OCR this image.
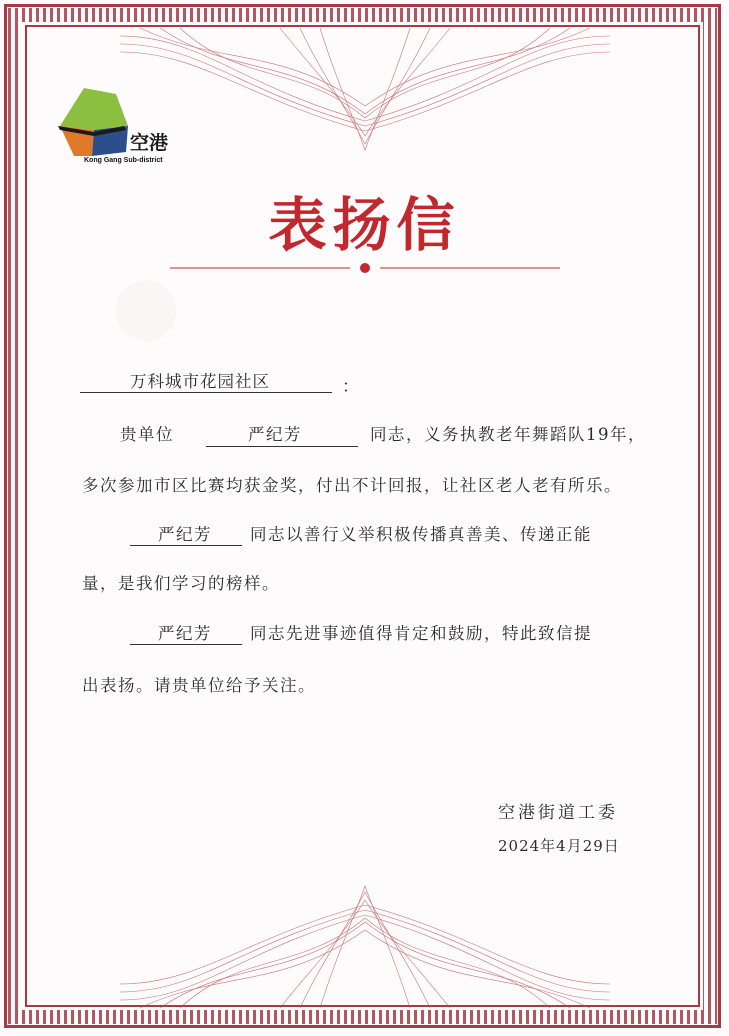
空港
Kong Gang Sub-district
表扬信
万科城市花园社区	：
贵单位	严纪芳	同志，义务执教老年舞蹈队19年，
多次参加市区比赛均获金奖，付出不计回报，让社区老人老有所乐。
严纪芳 同志以善行义举积极传播真善美、传递正能
量，是我们学习的榜样。
严纪芳 同志先进事迹值得肯定和鼓励，特此致信提
出表扬。请贵单位给予关注。
空港街道工委
2024年4月29日
